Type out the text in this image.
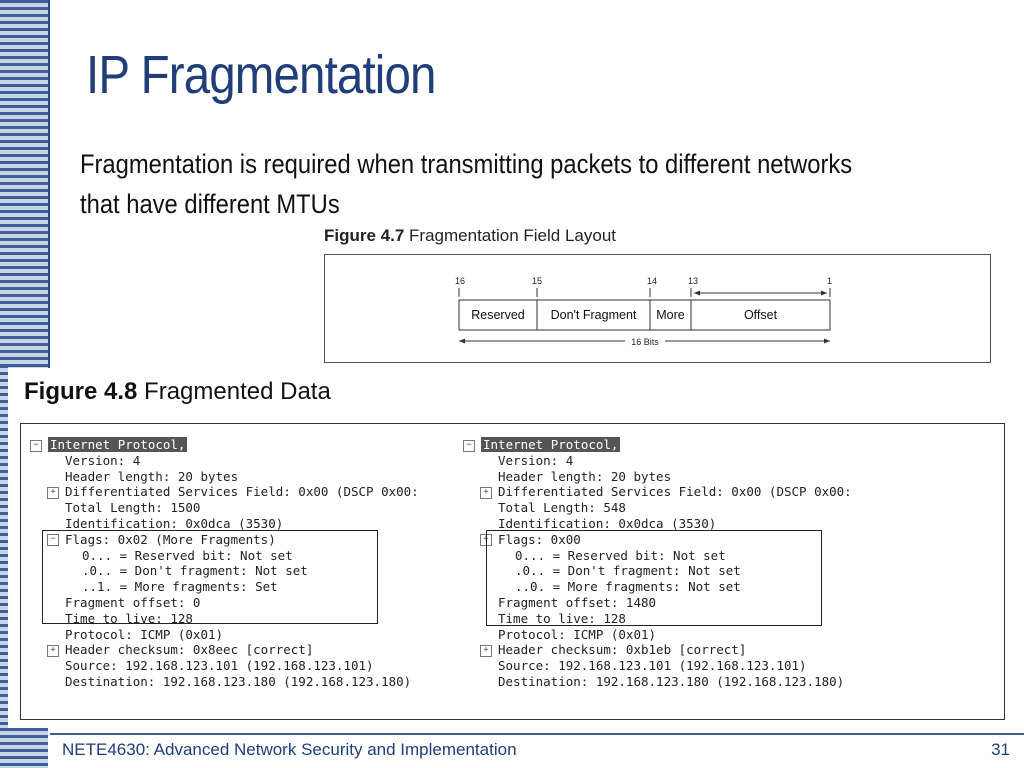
IP Fragmentation
Fragmentation is required when transmitting packets to different networks
that have different MTUs
Figure 4.7 Fragmentation Field Layout
16	15	14	13	1
Reserved Don't Fragment More	Offset
16 Bits
Figure 4.8 Fragmented Data
− Internet Protocol,
Version: 4
Header length: 20 bytes
+ Differentiated Services Field: 0x00 (DSCP 0x00:
Total Length: 1500
Identification: 0x0dca (3530)
− Flags: 0x02 (More Fragments)
0... = Reserved bit: Not set
.0.. = Don't fragment: Not set
..1. = More fragments: Set
Fragment offset: 0
Time to live: 128
Protocol: ICMP (0x01)
+ Header checksum: 0x8eec [correct]
Source: 192.168.123.101 (192.168.123.101)
Destination: 192.168.123.180 (192.168.123.180)
− Internet Protocol,
Version: 4
Header length: 20 bytes
+ Differentiated Services Field: 0x00 (DSCP 0x00:
Total Length: 548
Identification: 0x0dca (3530)
+ Flags: 0x00
0... = Reserved bit: Not set
.0.. = Don't fragment: Not set
..0. = More fragments: Not set
Fragment offset: 1480
Time to live: 128
Protocol: ICMP (0x01)
+ Header checksum: 0xb1eb [correct]
Source: 192.168.123.101 (192.168.123.101)
Destination: 192.168.123.180 (192.168.123.180)
NETE4630: Advanced Network Security and Implementation	31
